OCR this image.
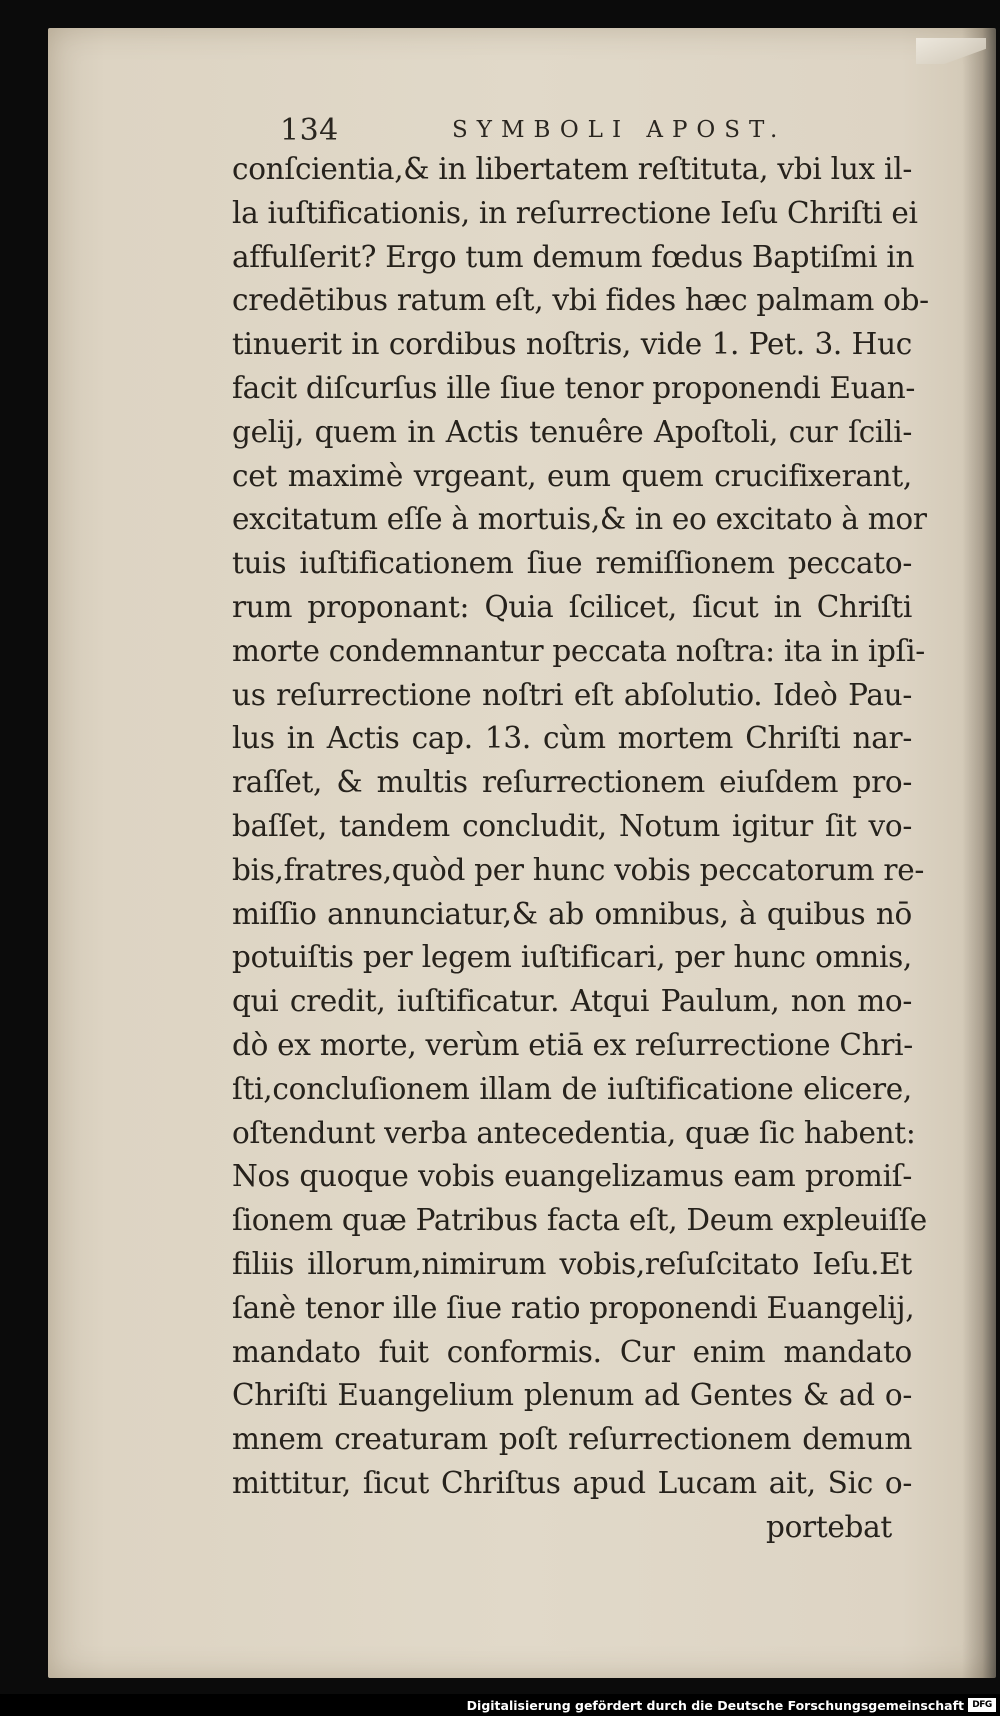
134	SYMBOLI APOST.
conſcientia,& in libertatem reſtituta, vbi lux il-
la iuſtificationis, in reſurrectione Ieſu Chriſti ei
affulſerit? Ergo tum demum fœdus Baptiſmi in
credētibus ratum eſt, vbi fides hæc palmam ob-
tinuerit in cordibus noſtris, vide 1. Pet. 3. Huc
facit diſcurſus ille ſiue tenor proponendi Euan-
gelij, quem in Actis tenuêre Apoſtoli, cur ſcili-
cet maximè vrgeant, eum quem crucifixerant,
excitatum eſſe à mortuis,& in eo excitato à mor
tuis iuſtificationem ſiue remiſſionem peccato-
rum proponant: Quia ſcilicet, ſicut in Chriſti
morte condemnantur peccata noſtra: ita in ipſi-
us reſurrectione noſtri eſt abſolutio. Ideò Pau-
lus in Actis cap. 13. cùm mortem Chriſti nar-
raſſet, & multis reſurrectionem eiuſdem pro-
baſſet, tandem concludit, Notum igitur ſit vo-
bis,fratres,quòd per hunc vobis peccatorum re-
miſſio annunciatur,& ab omnibus, à quibus nō
potuiſtis per legem iuſtificari, per hunc omnis,
qui credit, iuſtificatur. Atqui Paulum, non mo-
dò ex morte, verùm etiā ex reſurrectione Chri-
ſti,concluſionem illam de iuſtificatione elicere,
oſtendunt verba antecedentia, quæ ſic habent:
Nos quoque vobis euangelizamus eam promiſ-
ſionem quæ Patribus facta eſt, Deum expleuiſſe
filiis illorum,nimirum vobis,reſuſcitato Ieſu.Et
ſanè tenor ille ſiue ratio proponendi Euangelij,
mandato fuit conformis. Cur enim mandato
Chriſti Euangelium plenum ad Gentes & ad o-
mnem creaturam poſt reſurrectionem demum
mittitur, ſicut Chriſtus apud Lucam ait, Sic o-
portebat
Digitalisierung gefördert durch die Deutsche Forschungsgemeinschaft DFG
